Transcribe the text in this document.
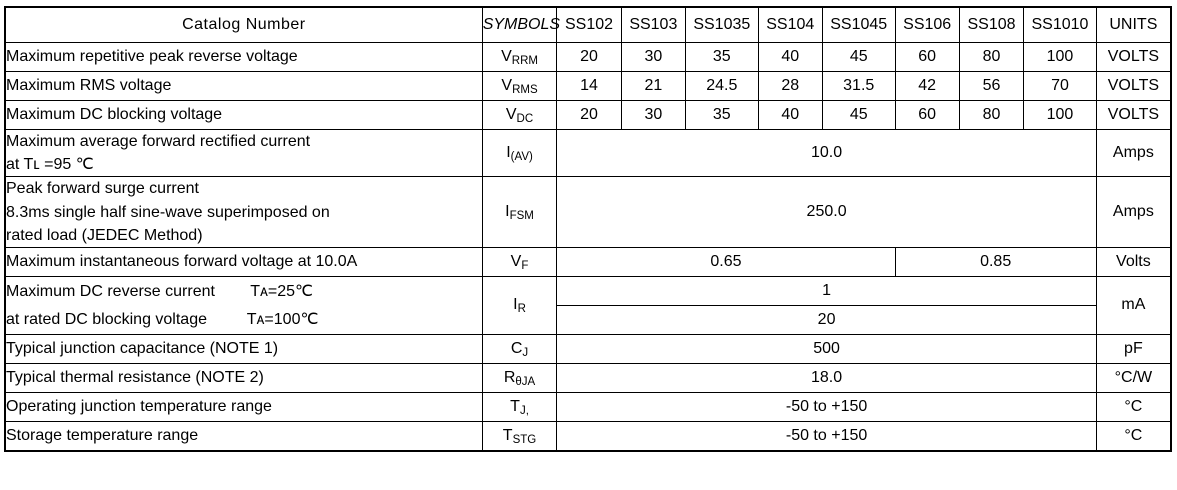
Catalog Number	SYMBOLS	SS102	SS103	SS1035	SS104	SS1045	SS106	SS108	SS1010	UNITS

Maximum repetitive peak reverse voltage	VRRM	20	30	35	40	45	60	80	100	VOLTS

Maximum RMS voltage	VRMS	14	21	24.5	28	31.5	42	56	70	VOLTS

Maximum DC blocking voltage	VDC	20	30	35	40	45	60	80	100	VOLTS

Maximum average forward rectified current
at Tʟ =95 ℃	I(AV)	10.0								Amps

Peak forward surge current
8.3ms single half sine-wave superimposed on
rated load (JEDEC Method)	IFSM	250.0								Amps

Maximum instantaneous forward voltage at 10.0A	VF	0.65					0.85			Volts

Maximum DC reverse current        Tᴀ=25℃	IR	1								mA

at rated DC blocking voltage         Tᴀ=100℃		20								

Typical junction capacitance (NOTE 1)	CJ	500								pF

Typical thermal resistance (NOTE 2)	RθJA	18.0								°C/W

Operating junction temperature range	TJ,	-50 to +150								°C

Storage temperature range	TSTG	-50 to +150								°C
